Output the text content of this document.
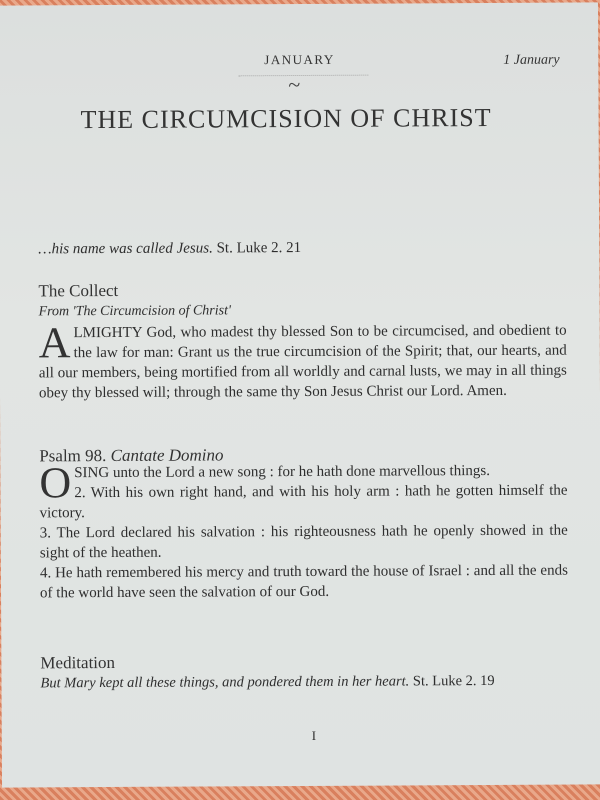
JANUARY	1 January
~
THE CIRCUMCISION OF CHRIST
…his name was called Jesus. St. Luke 2. 21
The Collect
From 'The Circumcision of Christ'
A LMIGHTY God, who madest thy blessed Son to be circumcised, and obedient to the law for man: Grant us the true circumcision of the Spirit; that, our hearts, and all our members, being mortified from all worldly and carnal lusts, we may in all things obey thy blessed will; through the same thy Son Jesus Christ our Lord. Amen.
Psalm 98. Cantate Domino
O SING unto the Lord a new song : for he hath done marvellous things.
2. With his own right hand, and with his holy arm : hath he gotten himself the victory.
3. The Lord declared his salvation : his righteousness hath he openly showed in the sight of the heathen.
4. He hath remembered his mercy and truth toward the house of Israel : and all the ends of the world have seen the salvation of our God.
Meditation
But Mary kept all these things, and pondered them in her heart. St. Luke 2. 19
I
